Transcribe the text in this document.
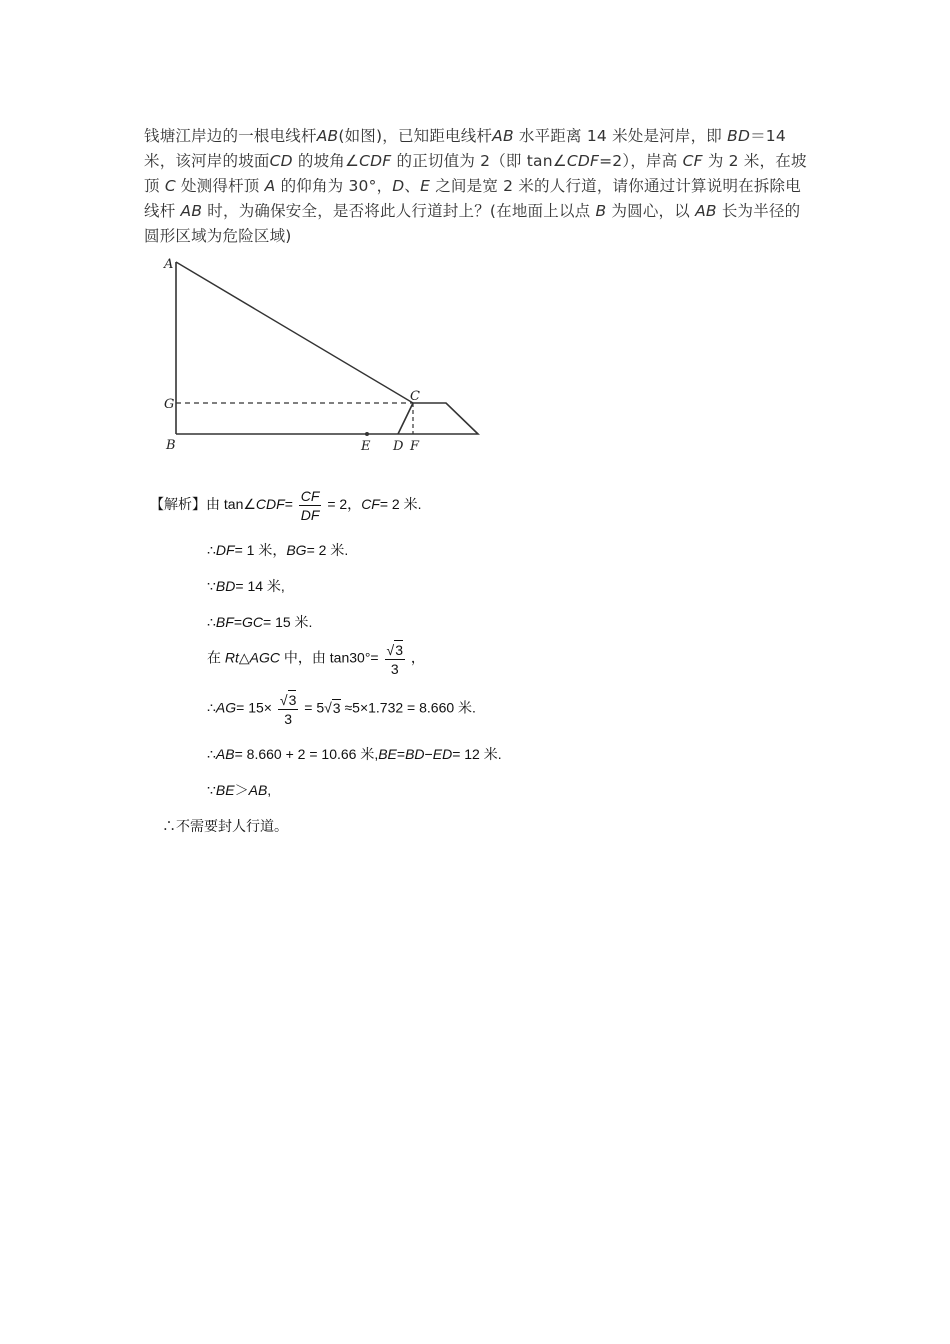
钱塘江岸边的一根电线杆AB(如图)，已知距电线杆AB 水平距离 14 米处是河岸，即 BD＝14 米，该河岸的坡面CD 的坡角∠CDF 的正切值为 2（即 tan∠CDF=2），岸高 CF 为 2 米，在坡顶 C 处测得杆顶 A 的仰角为 30°，D、E 之间是宽 2 米的人行道，请你通过计算说明在拆除电线杆 AB 时，为确保安全，是否将此人行道封上？(在地面上以点 B 为圆心，以 AB 长为半径的圆形区域为危险区域)
A
G
B
C
E D F
【解析】由 tan∠CDF= $\frac{CF}{DF} = 2$，CF= 2 米.
∴DF= 1 米，BG= 2 米.
∵BD= 14 米,
∴BF=GC= 15 米.
在 Rt△AGC 中，由 $\tan 30^\circ= \frac{√3}{3}$ ，
∴AG= $15\times \frac{√3}{3} = 5√3 \approx 5\times 1.732 = 8.660$ 米.
∴AB= 8.660 + 2 = 10.66 米,BE=BD−ED= 12 米.
∵BE＞AB,
∴不需要封人行道。
